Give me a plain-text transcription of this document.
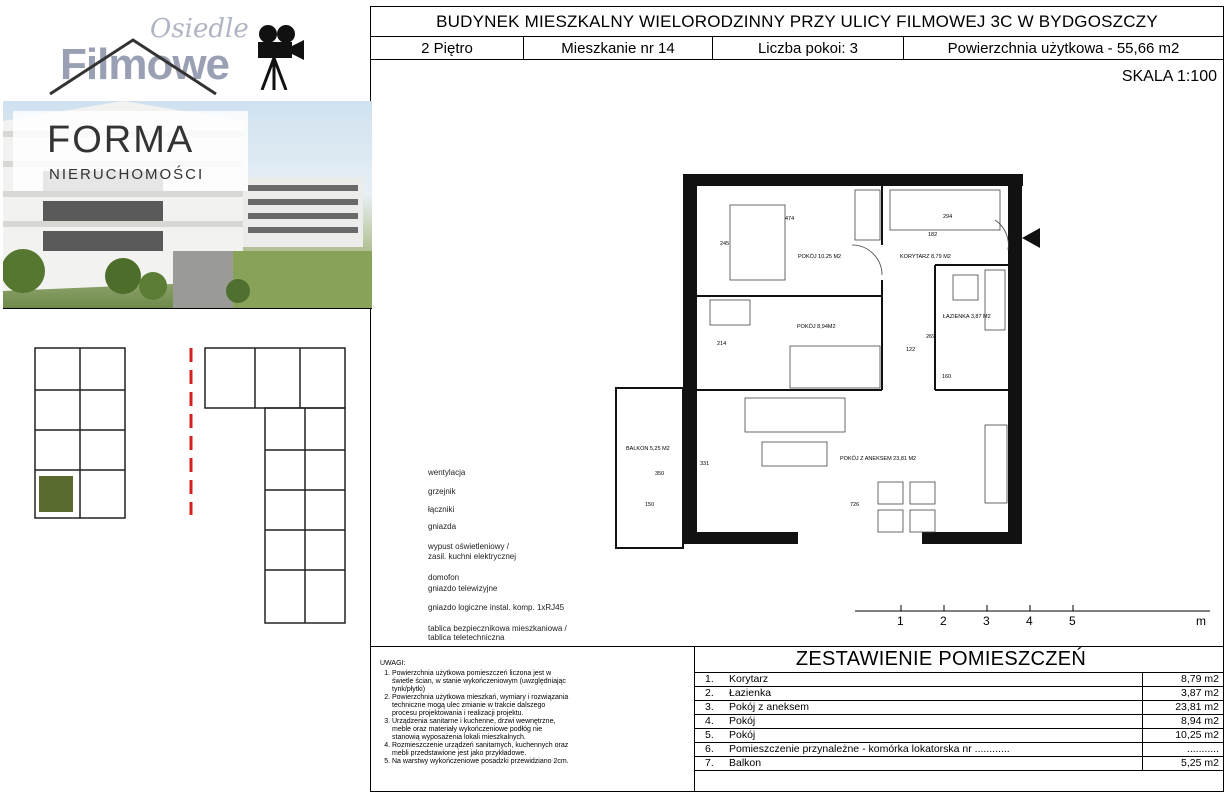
BUDYNEK MIESZKALNY WIELORODZINNY PRZY ULICY FILMOWEJ 3C W BYDGOSZCZY
2 Piętro	Mieszkanie nr 14	Liczba pokoi: 3	Powierzchnia użytkowa - 55,66 m2
SKALA 1:100
Osiedle
Filmowe
FORMA
NIERUCHOMOŚCI
POKÓJ 10,25 M2	KORYTARZ 8,79 M2
ŁAZIENKA 3,87 M2
POKÓJ 8,94M2
POKÓJ Z ANEKSEM 23,81 M2
BALKON 5,25 M2
474	294
245
182
214
269
122
160
350
331
150	726
wentylacja
grzejnik
łączniki
gniazda
wypust oświetleniowy /
zasil. kuchni elektrycznej
domofon
gniazdo telewizyjne
gniazdo logiczne instal. komp. 1xRJ45
tablica bezpiecznikowa mieszkaniowa /
tablica teletechniczna
1	2	3	4	5	m
UWAGI:
1. Powierzchnia użytkowa pomieszczeń liczona jest w świetle ścian, w stanie wykończeniowym (uwzględniając tynk/płytki)
2. Powierzchnia użytkowa mieszkań, wymiary i rozwiązania techniczne mogą ulec zmianie w trakcie dalszego procesu projektowania i realizacji projektu.
3. Urządzenia sanitarne i kuchenne, drzwi wewnętrzne, meble oraz materiały wykończeniowe podłóg nie stanowią wyposażenia lokali mieszkalnych.
4. Rozmieszczenie urządzeń sanitarnych, kuchennych oraz mebli przedstawione jest jako przykładowe.
5. Na warstwy wykończeniowe posadzki przewidziano 2cm.
ZESTAWIENIE POMIESZCZEŃ
1. Korytarz	8,79 m2
2. Łazienka	3,87 m2
3. Pokój z aneksem	23,81 m2
4. Pokój	8,94 m2
5. Pokój	10,25 m2
6. Pomieszczenie przynależne - komórka lokatorska nr ............	...........
7. Balkon	5,25 m2
